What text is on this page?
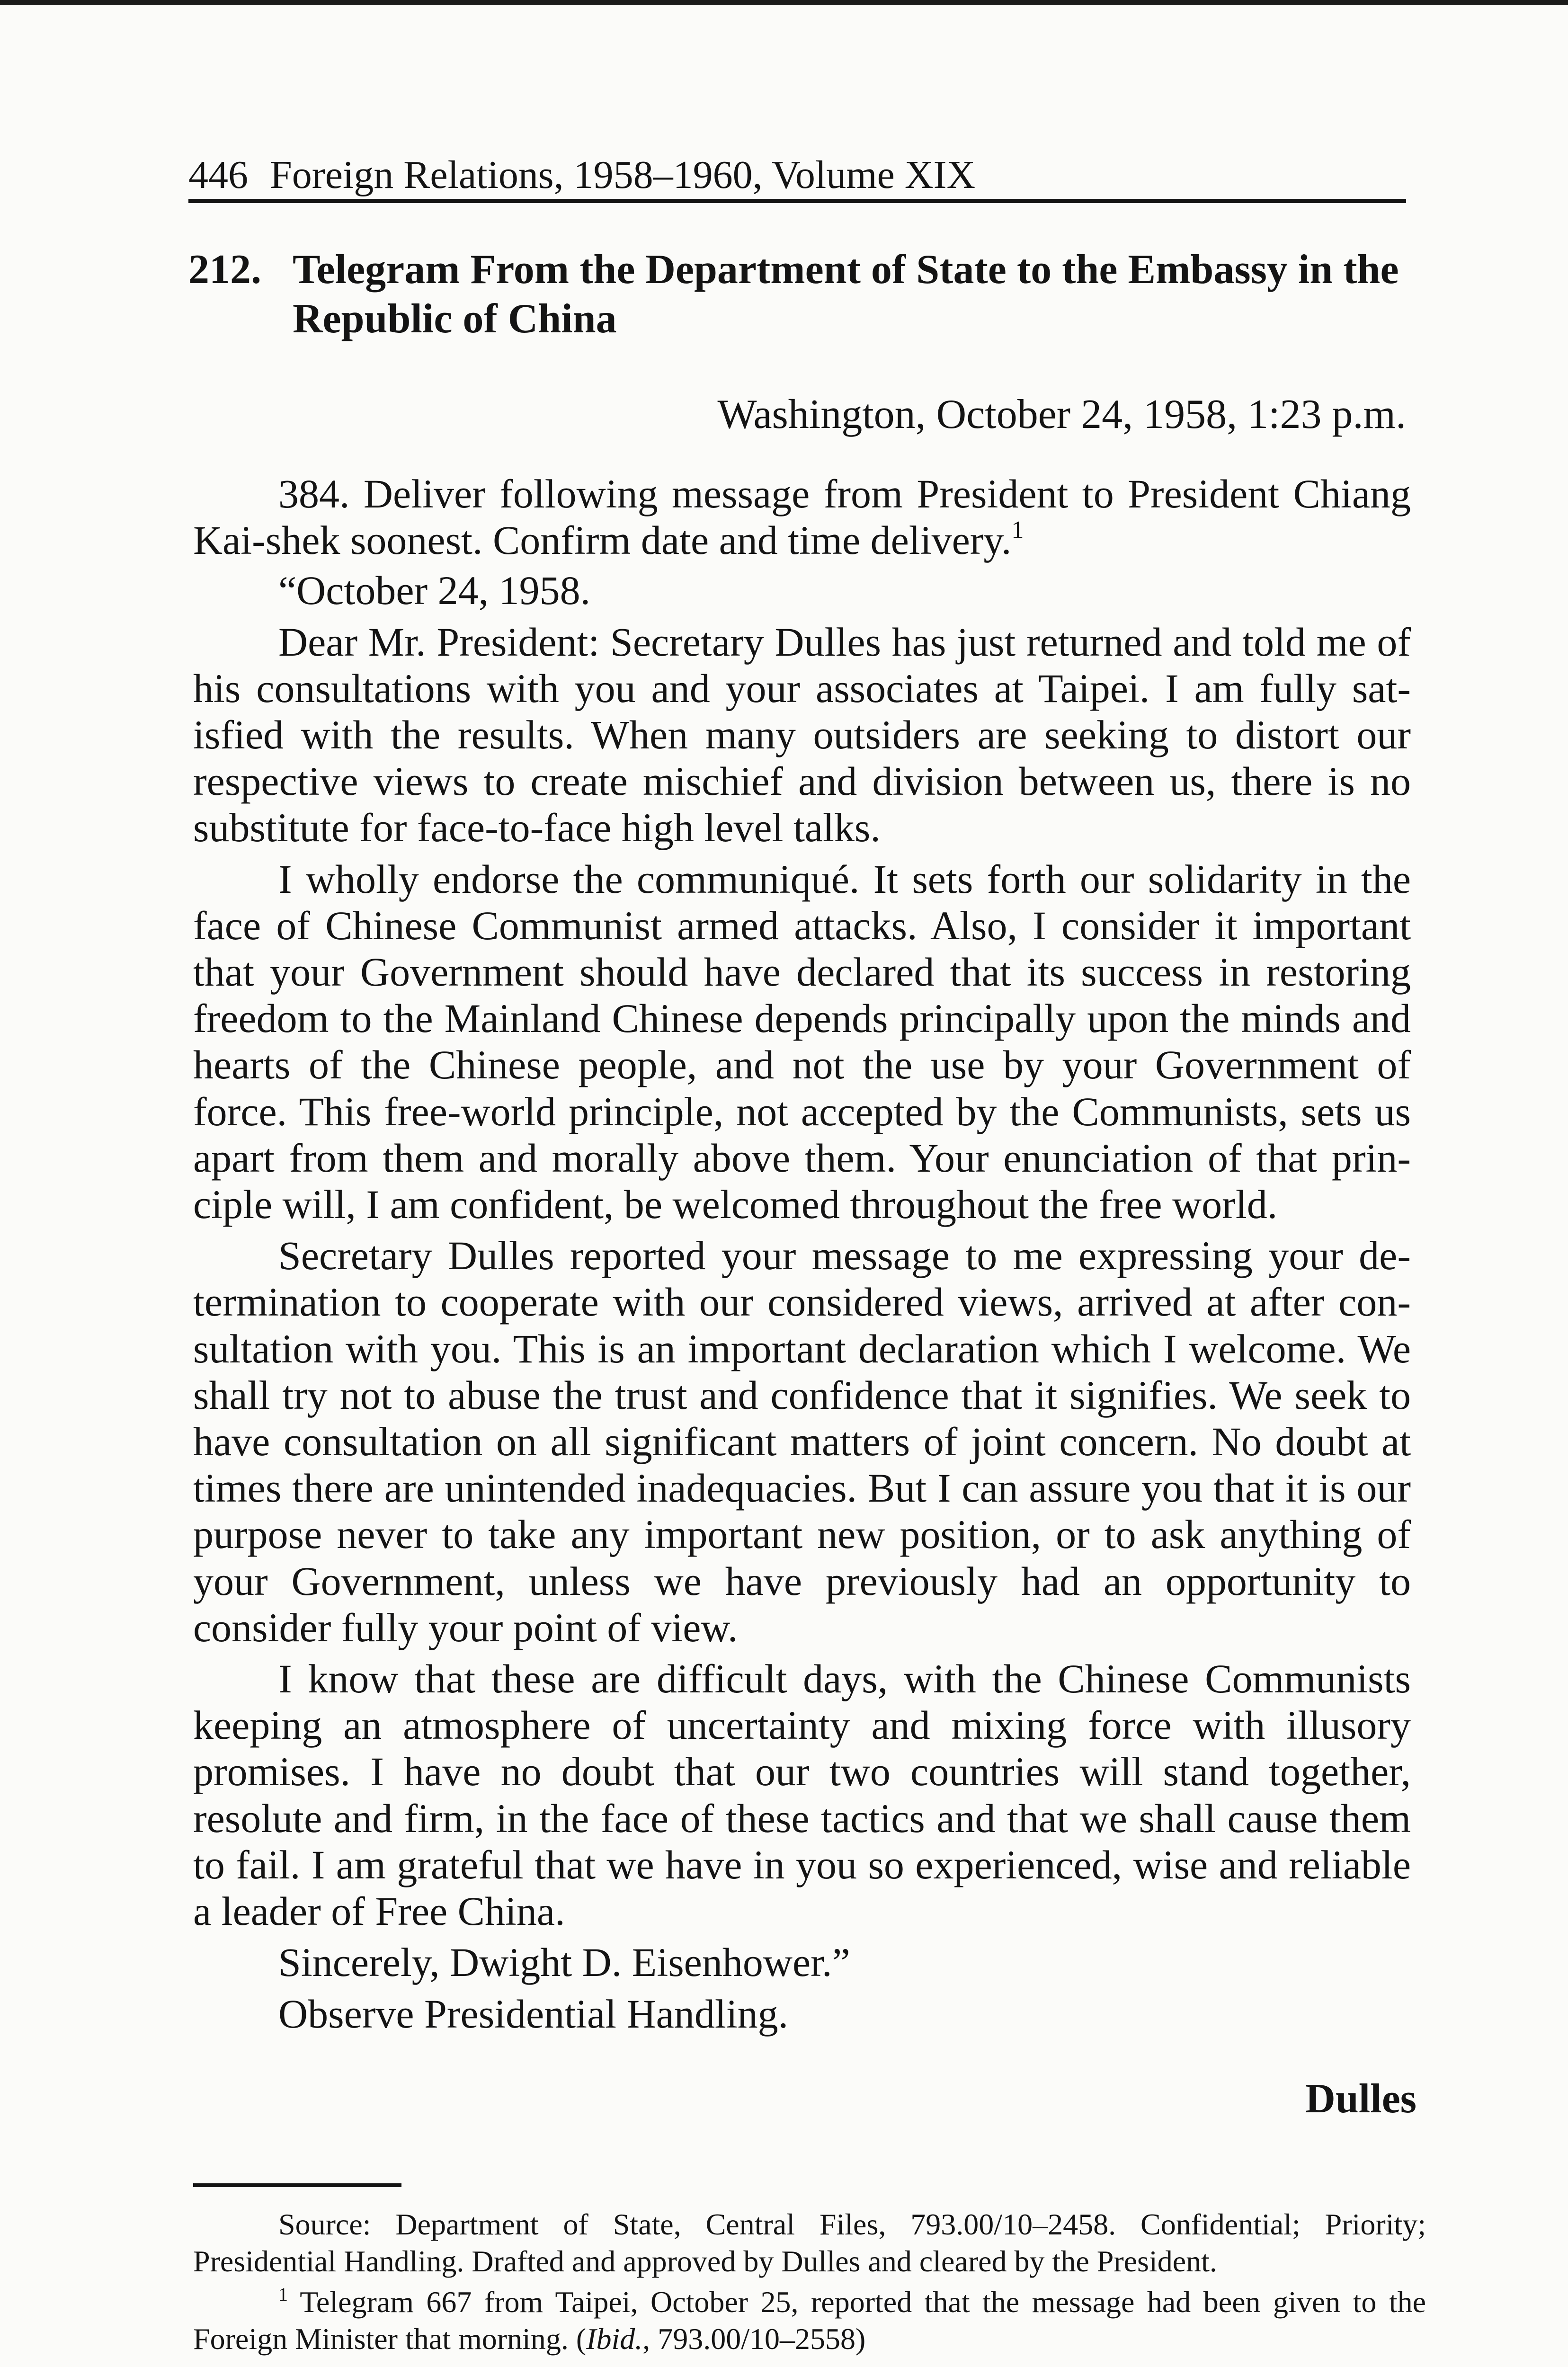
446 Foreign Relations, 1958–1960, Volume XIX
212. Telegram From the Department of State to the Embassy in the Republic of China
Washington, October 24, 1958, 1:23 p.m.

384. Deliver following message from President to President Chiang Kai-shek soonest. Confirm date and time delivery.$^1$

“October 24, 1958.

Dear Mr. President: Secretary Dulles has just returned and told me of his consultations with you and your associates at Taipei. I am fully satisfied with the results. When many outsiders are seeking to distort our respective views to create mischief and division between us, there is no substitute for face-to-face high level talks.

I wholly endorse the communiqué. It sets forth our solidarity in the face of Chinese Communist armed attacks. Also, I consider it important that your Government should have declared that its success in restoring freedom to the Mainland Chinese depends principally upon the minds and hearts of the Chinese people, and not the use by your Government of force. This free-world principle, not accepted by the Communists, sets us apart from them and morally above them. Your enunciation of that principle will, I am confident, be welcomed throughout the free world.

Secretary Dulles reported your message to me expressing your determination to cooperate with our considered views, arrived at after consultation with you. This is an important declaration which I welcome. We shall try not to abuse the trust and confidence that it signifies. We seek to have consultation on all significant matters of joint concern. No doubt at times there are unintended inadequacies. But I can assure you that it is our purpose never to take any important new position, or to ask anything of your Government, unless we have previously had an opportunity to consider fully your point of view.

I know that these are difficult days, with the Chinese Communists keeping an atmosphere of uncertainty and mixing force with illusory promises. I have no doubt that our two countries will stand together, resolute and firm, in the face of these tactics and that we shall cause them to fail. I am grateful that we have in you so experienced, wise and reliable a leader of Free China.

Sincerely, Dwight D. Eisenhower.”

Observe Presidential Handling.

Dulles

Source: Department of State, Central Files, 793.00/10–2458. Confidential; Priority; Presidential Handling. Drafted and approved by Dulles and cleared by the President.

$^1$ Telegram 667 from Taipei, October 25, reported that the message had been given to the Foreign Minister that morning. (Ibid., 793.00/10–2558)
